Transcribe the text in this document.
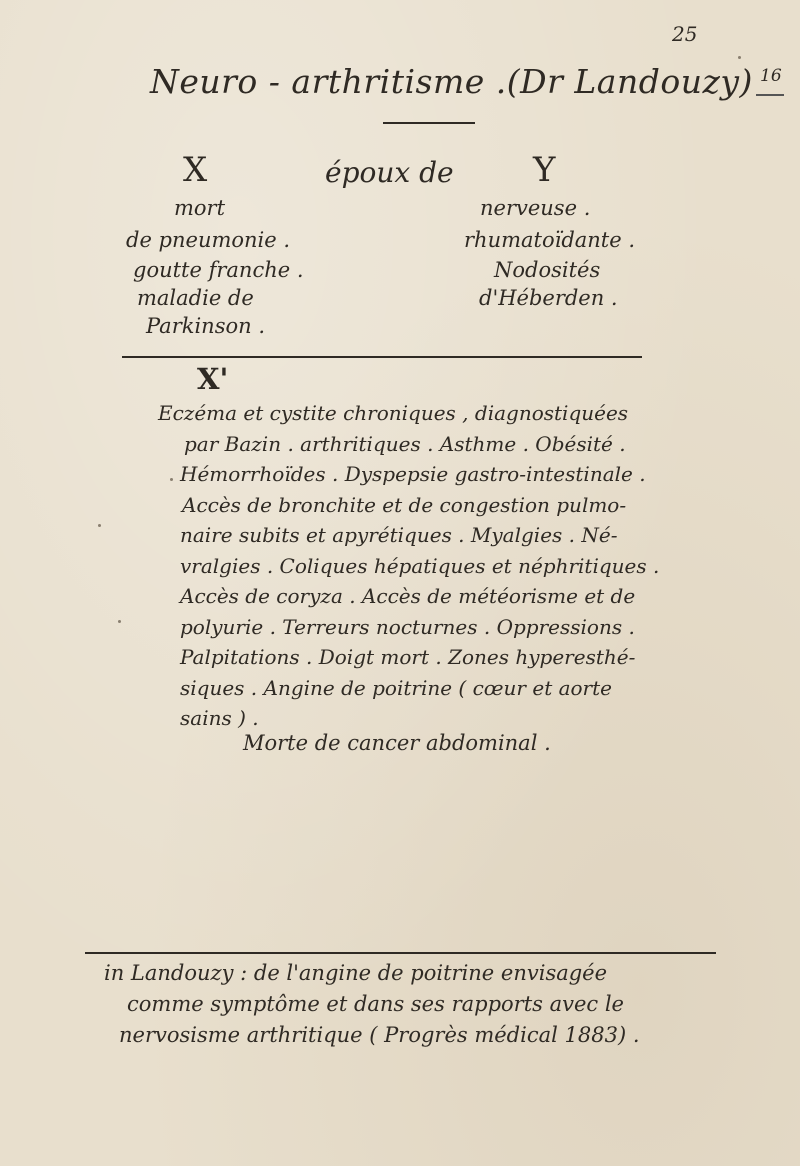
25
16
Neuro - arthritisme .(Dr Landouzy)
X	époux de Y
mort
de pneumonie .
goutte franche .
maladie de
Parkinson .
nerveuse .
rhumatoïdante .
Nodosités
d'Héberden .
X'
Eczéma et cystite chroniques , diagnostiquées
par Bazin . arthritiques . Asthme . Obésité .
Hémorrhoïdes . Dyspepsie gastro-intestinale .
Accès de bronchite et de congestion pulmo-
naire subits et apyrétiques . Myalgies . Né-
vralgies . Coliques hépatiques et néphritiques .
Accès de coryza . Accès de météorisme et de
polyurie . Terreurs nocturnes . Oppressions .
Palpitations . Doigt mort . Zones hyperesthé-
siques . Angine de poitrine ( cœur et aorte
sains ) .
Morte de cancer abdominal .
in Landouzy : de l'angine de poitrine envisagée
comme symptôme et dans ses rapports avec le
nervosisme arthritique ( Progrès médical 1883) .
